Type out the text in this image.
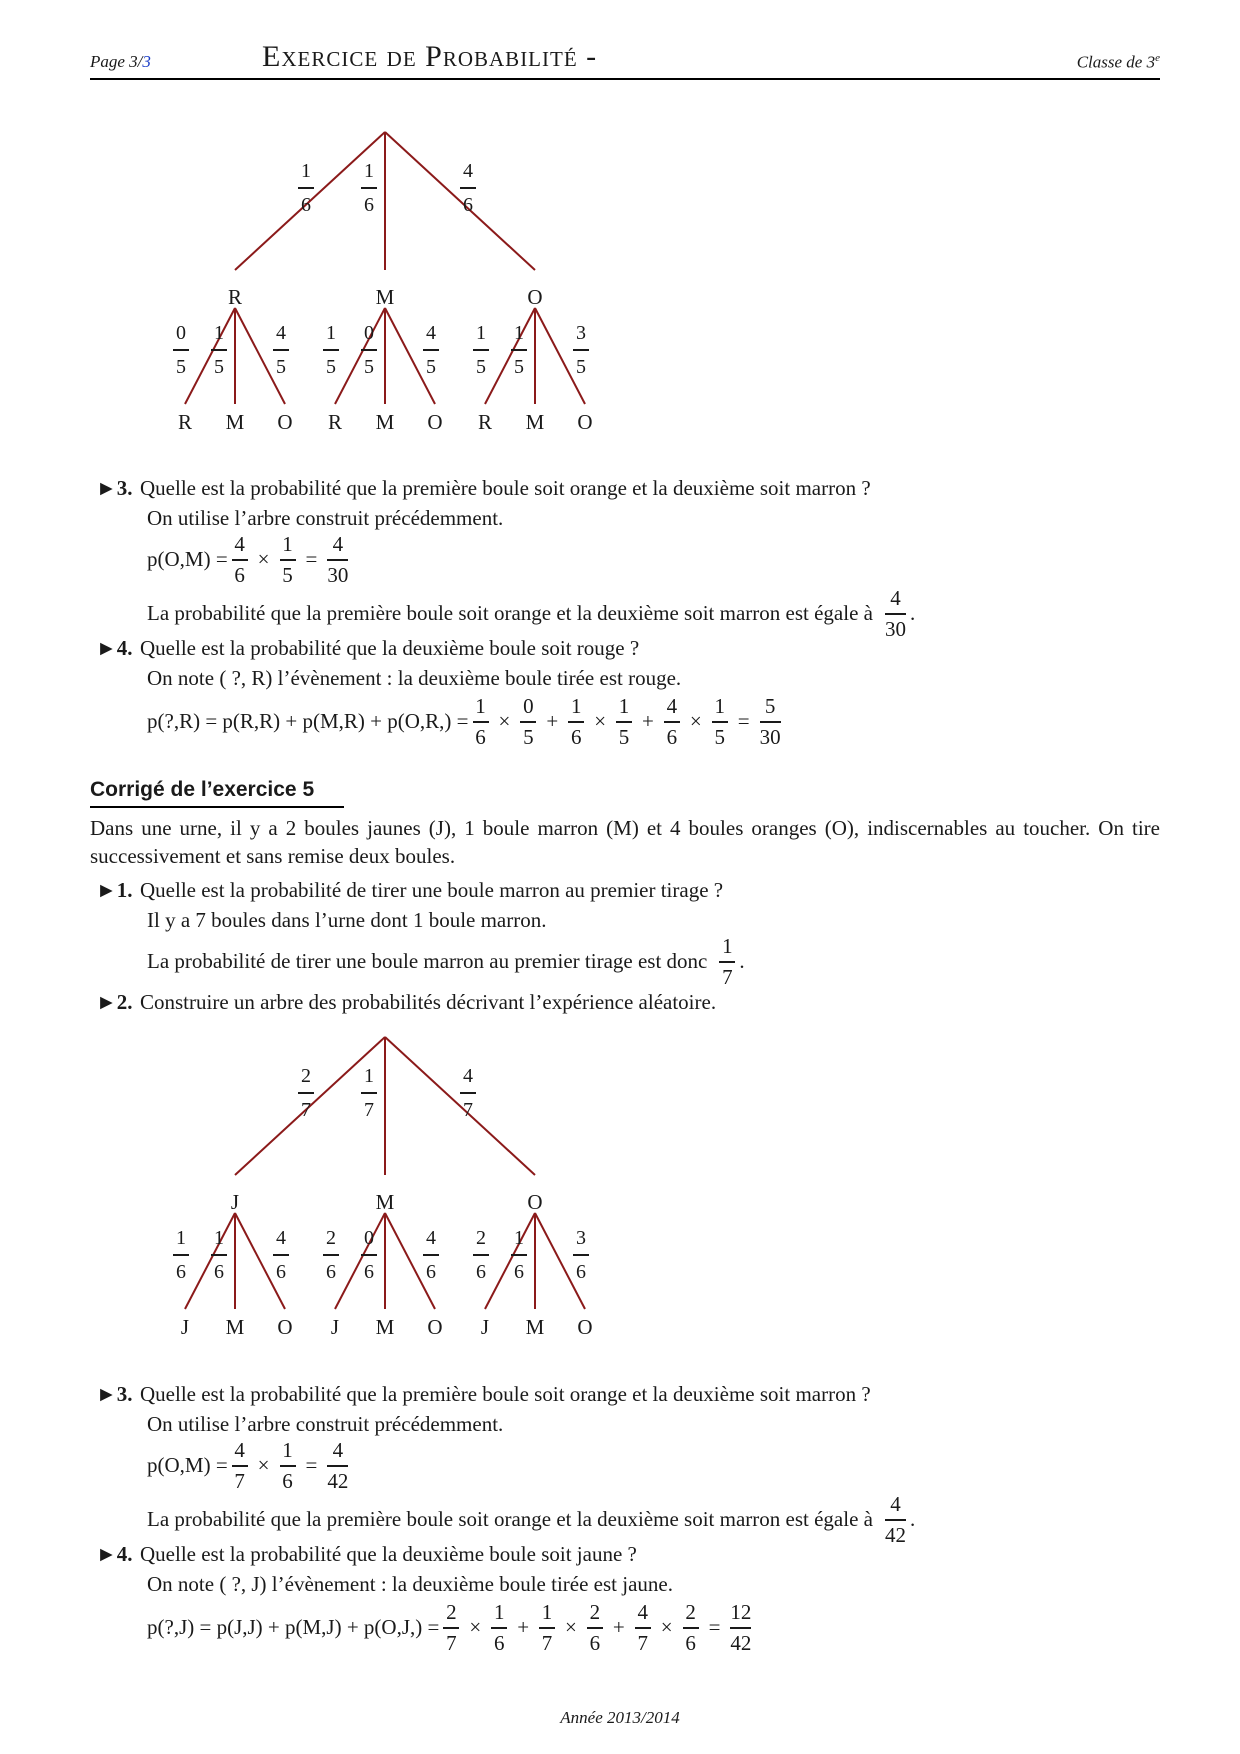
Page 3/3	Exercice de Probabilité -	Classe de 3e
R
1
6
R
0
5
M
1
5
O
4
5
M
1
6
R
1
5
M
0
5
O
4
5
O
4
6
R
1
5
M
1
5
O
3
5
►3. Quelle est la probabilité que la première boule soit orange et la deuxième soit marron ?
On utilise l’arbre construit précédemment.
p(O,M) =
4
6
×
1
5
=
4
30
La probabilité que la première boule soit orange et la deuxième soit marron est égale à
4
30
.
►4. Quelle est la probabilité que la deuxième boule soit rouge ?
On note ( ?, R) l’évènement : la deuxième boule tirée est rouge.
p(?,R) = p(R,R) + p(M,R) + p(O,R,) =
1
6
×
0
5
+
1
6
×
1
5
+
4
6
×
1
5
=
5
30
Corrigé de l’exercice 5
Dans une urne, il y a 2 boules jaunes (J), 1 boule marron (M) et 4 boules oranges (O), indiscernables au toucher. On tire successivement et sans remise deux boules.
►1. Quelle est la probabilité de tirer une boule marron au premier tirage ?
Il y a 7 boules dans l’urne dont 1 boule marron.
La probabilité de tirer une boule marron au premier tirage est donc
1
7
.
►2. Construire un arbre des probabilités décrivant l’expérience aléatoire.
J
2
7
J
1
6
M
1
6
O
4
6
M
1
7
J
2
6
M
0
6
O
4
6
O
4
7
J
2
6
M
1
6
O
3
6
►3. Quelle est la probabilité que la première boule soit orange et la deuxième soit marron ?
On utilise l’arbre construit précédemment.
p(O,M) =
4
7
×
1
6
=
4
42
La probabilité que la première boule soit orange et la deuxième soit marron est égale à
4
42
.
►4. Quelle est la probabilité que la deuxième boule soit jaune ?
On note ( ?, J) l’évènement : la deuxième boule tirée est jaune.
p(?,J) = p(J,J) + p(M,J) + p(O,J,) =
2
7
×
1
6
+
1
7
×
2
6
+
4
7
×
2
6
=
12
42
Année 2013/2014
